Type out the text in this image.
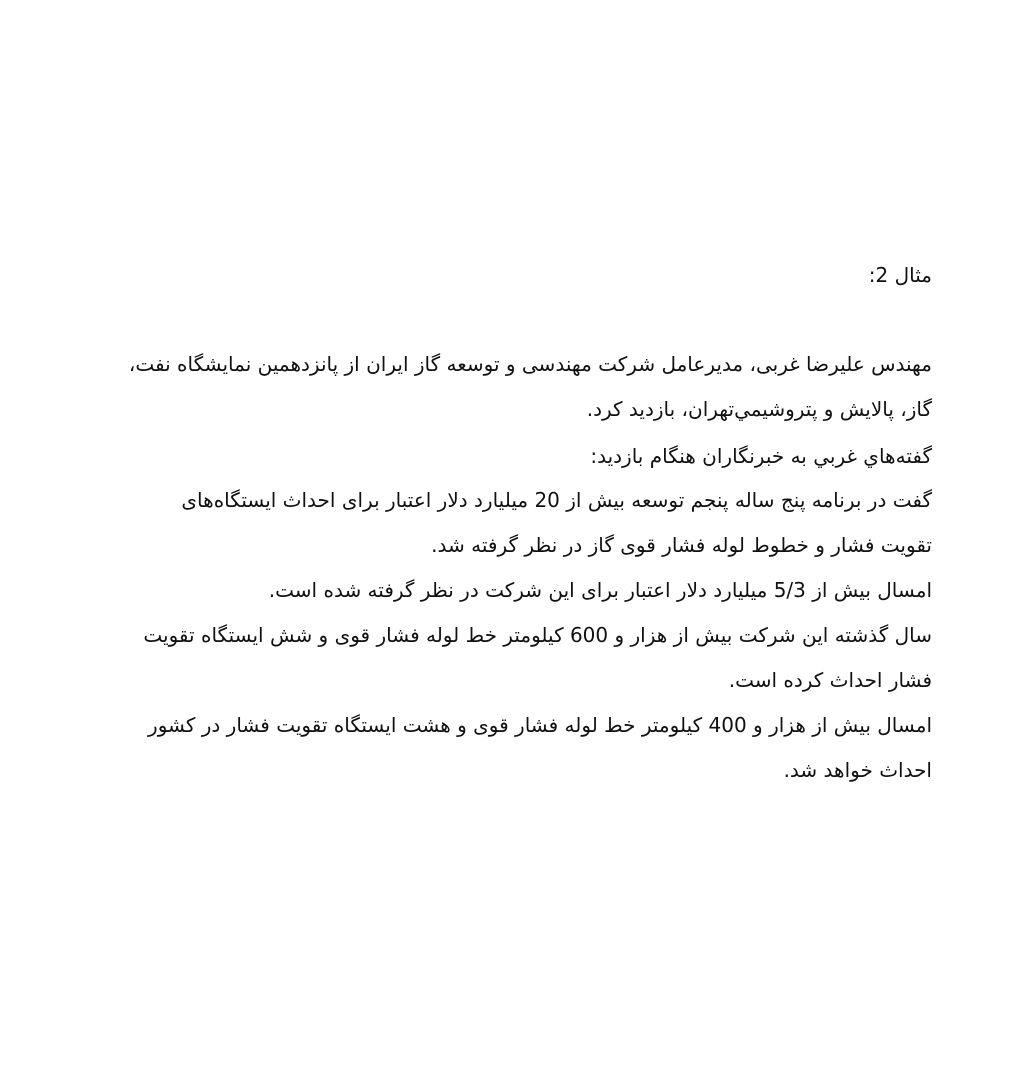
مثال 2:

مهندس عليرضا غربی، مديرعامل شركت مهندسی و توسعه گاز ايران از پانزدهمين نمايشگاه نفت،
گاز، پالايش و پتروشيمي‌تهران، بازديد كرد.

گفته‌هاي غربي به خبرنگاران هنگام بازديد:

گفت در برنامه پنج ساله پنجم توسعه بيش از 20 ميليارد دلار اعتبار برای احداث ايستگاه‌های
تقويت فشار و خطوط لوله فشار قوی گاز در نظر گرفته شد.

امسال بيش از 5/3 ميليارد دلار اعتبار برای اين شركت در نظر گرفته شده است.

سال گذشته اين شركت بيش از هزار و 600 كيلومتر خط لوله فشار قوی و شش ايستگاه تقويت
فشار احداث كرده است.

امسال بيش از هزار و 400 كيلومتر خط لوله فشار قوی و هشت ايستگاه تقويت فشار در كشور
احداث خواهد شد.
